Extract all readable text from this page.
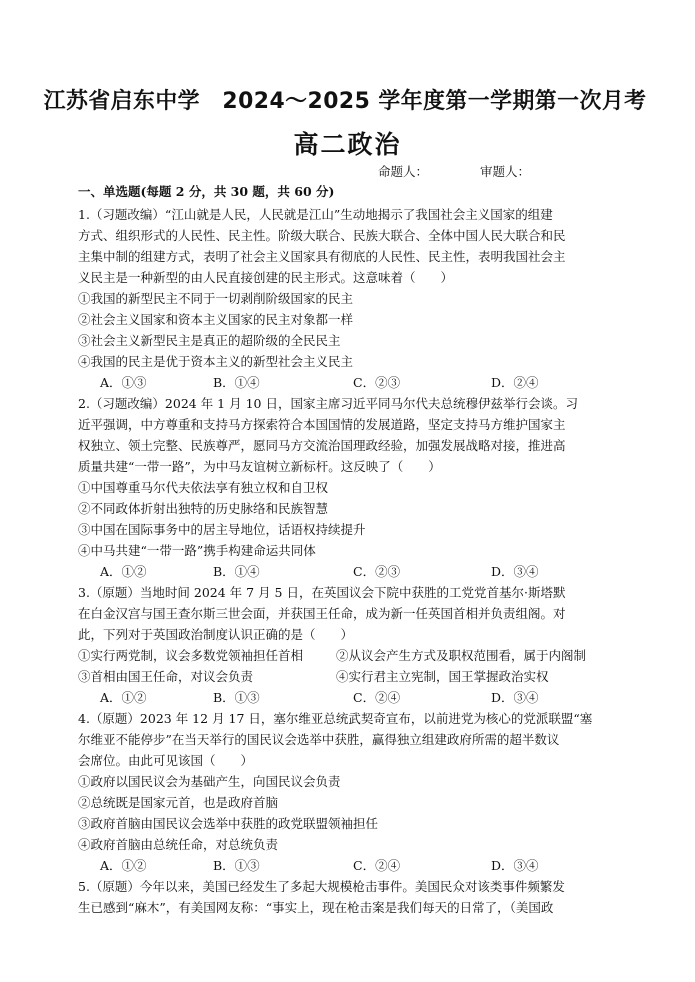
江苏省启东中学　2024～2025 学年度第一学期第一次月考
高二政治
命题人：	审题人：
一、单选题(每题 2 分，共 30 题，共 60 分)
1.（习题改编）“江山就是人民，人民就是江山”生动地揭示了我国社会主义国家的组建
方式、组织形式的人民性、民主性。阶级大联合、民族大联合、全体中国人民大联合和民
主集中制的组建方式，表明了社会主义国家具有彻底的人民性、民主性，表明我国社会主
义民主是一种新型的由人民直接创建的民主形式。这意味着（　　）
①我国的新型民主不同于一切剥削阶级国家的民主
②社会主义国家和资本主义国家的民主对象都一样
③社会主义新型民主是真正的超阶级的全民民主
④我国的民主是优于资本主义的新型社会主义民主
A．①③	B．①④	C．②③	D．②④
2.（习题改编）2024 年 1 月 10 日，国家主席习近平同马尔代夫总统穆伊兹举行会谈。习
近平强调，中方尊重和支持马方探索符合本国国情的发展道路，坚定支持马方维护国家主
权独立、领土完整、民族尊严，愿同马方交流治国理政经验，加强发展战略对接，推进高
质量共建“一带一路”，为中马友谊树立新标杆。这反映了（　　）
①中国尊重马尔代夫依法享有独立权和自卫权
②不同政体折射出独特的历史脉络和民族智慧
③中国在国际事务中的居主导地位，话语权持续提升
④中马共建“一带一路”携手构建命运共同体
A．①②	B．①④	C．②③	D．③④
3.（原题）当地时间 2024 年 7 月 5 日，在英国议会下院中获胜的工党党首基尔·斯塔默
在白金汉宫与国王查尔斯三世会面，并获国王任命，成为新一任英国首相并负责组阁。对
此，下列对于英国政治制度认识正确的是（　　）
①实行两党制，议会多数党领袖担任首相	②从议会产生方式及职权范围看，属于内阁制
③首相由国王任命，对议会负责	④实行君主立宪制，国王掌握政治实权
A．①②	B．①③	C．②④	D．③④
4.（原题）2023 年 12 月 17 日，塞尔维亚总统武契奇宣布，以前进党为核心的党派联盟“塞
尔维亚不能停步”在当天举行的国民议会选举中获胜，赢得独立组建政府所需的超半数议
会席位。由此可见该国（　　）
①政府以国民议会为基础产生，向国民议会负责
②总统既是国家元首，也是政府首脑
③政府首脑由国民议会选举中获胜的政党联盟领袖担任
④政府首脑由总统任命，对总统负责
A．①②	B．①③	C．②④	D．③④
5.（原题）今年以来，美国已经发生了多起大规模枪击事件。美国民众对该类事件频繁发
生已感到“麻木”，有美国网友称：“事实上，现在枪击案是我们每天的日常了，（美国政
